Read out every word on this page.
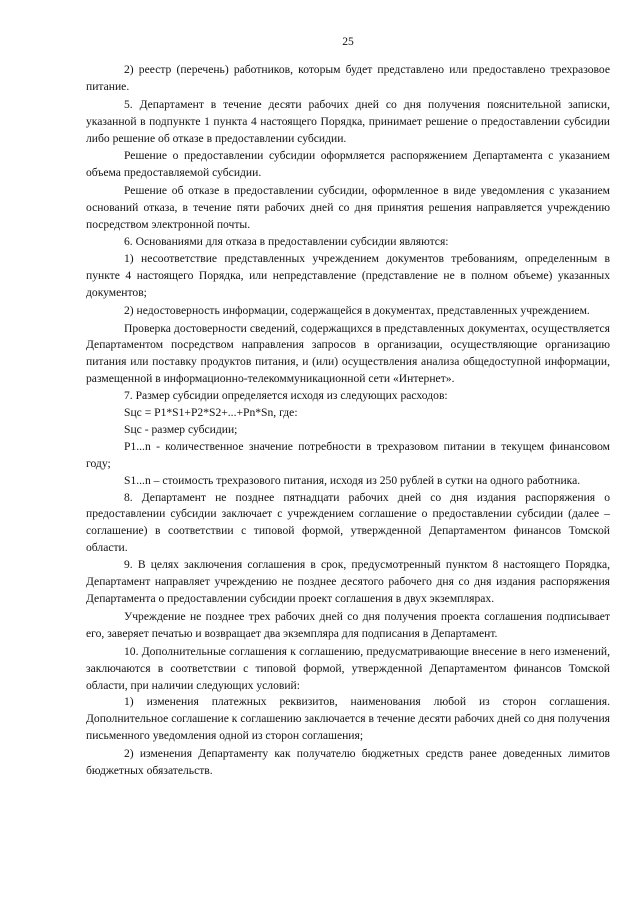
25

2) реестр (перечень) работников, которым будет представлено или предоставлено трехразовое питание.

5. Департамент в течение десяти рабочих дней со дня получения пояснительной записки, указанной в подпункте 1 пункта 4 настоящего Порядка, принимает решение о предоставлении субсидии либо решение об отказе в предоставлении субсидии.

Решение о предоставлении субсидии оформляется распоряжением Департамента с указанием объема предоставляемой субсидии.

Решение об отказе в предоставлении субсидии, оформленное в виде уведомления с указанием оснований отказа, в течение пяти рабочих дней со дня принятия решения направляется учреждению посредством электронной почты.

6. Основаниями для отказа в предоставлении субсидии являются:

1) несоответствие представленных учреждением документов требованиям, определенным в пункте 4 настоящего Порядка, или непредставление (представление не в полном объеме) указанных документов;

2) недостоверность информации, содержащейся в документах, представленных учреждением.

Проверка достоверности сведений, содержащихся в представленных документах, осуществляется Департаментом посредством направления запросов в организации, осуществляющие организацию питания или поставку продуктов питания, и (или) осуществления анализа общедоступной информации, размещенной в информационно-телекоммуникационной сети «Интернет».

7. Размер субсидии определяется исходя из следующих расходов:

Sцс = P1*S1+P2*S2+...+Pn*Sn, где:

Sцс - размер субсидии;

P1...n - количественное значение потребности в трехразовом питании в текущем финансовом году;

S1...n – стоимость трехразового питания, исходя из 250 рублей в сутки на одного работника.

8. Департамент не позднее пятнадцати рабочих дней со дня издания распоряжения о предоставлении субсидии заключает с учреждением соглашение о предоставлении субсидии (далее – соглашение) в соответствии с типовой формой, утвержденной Департаментом финансов Томской области.

9. В целях заключения соглашения в срок, предусмотренный пунктом 8 настоящего Порядка, Департамент направляет учреждению не позднее десятого рабочего дня со дня издания распоряжения Департамента о предоставлении субсидии проект соглашения в двух экземплярах.

Учреждение не позднее трех рабочих дней со дня получения проекта соглашения подписывает его, заверяет печатью и возвращает два экземпляра для подписания в Департамент.

10. Дополнительные соглашения к соглашению, предусматривающие внесение в него изменений, заключаются в соответствии с типовой формой, утвержденной Департаментом финансов Томской области, при наличии следующих условий:

1) изменения платежных реквизитов, наименования любой из сторон соглашения. Дополнительное соглашение к соглашению заключается в течение десяти рабочих дней со дня получения письменного уведомления одной из сторон соглашения;

2) изменения Департаменту как получателю бюджетных средств ранее доведенных лимитов бюджетных обязательств.
